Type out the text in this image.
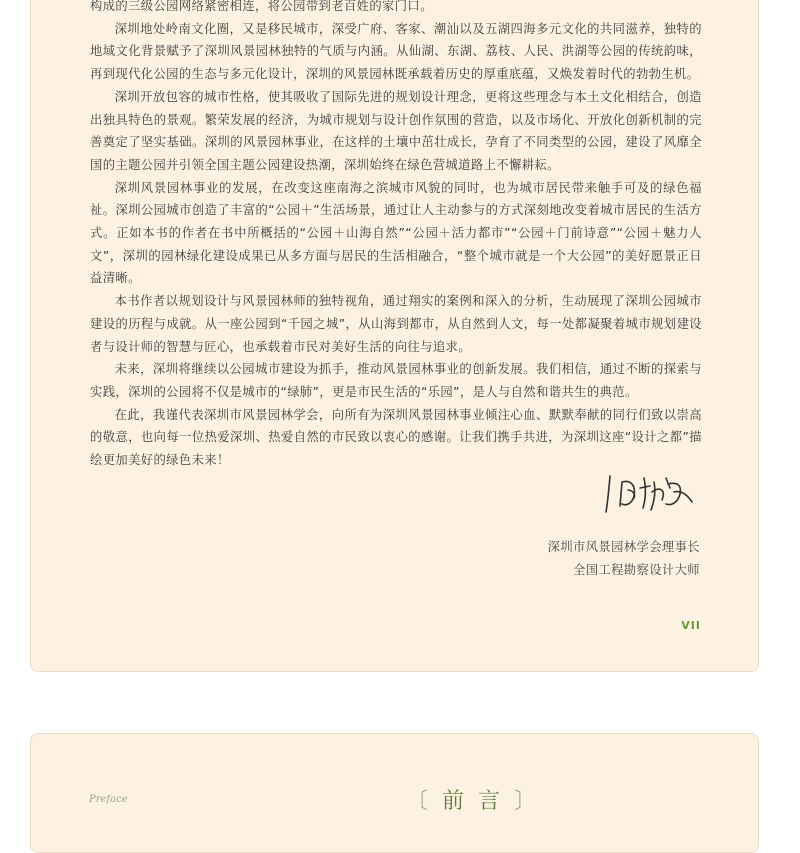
构成的三级公园网络紧密相连，将公园带到老百姓的家门口。

深圳地处岭南文化圈，又是移民城市，深受广府、客家、潮汕以及五湖四海多元文化的共同滋养，独特的地域文化背景赋予了深圳风景园林独特的气质与内涵。从仙湖、东湖、荔枝、人民、洪湖等公园的传统韵味，再到现代化公园的生态与多元化设计，深圳的风景园林既承载着历史的厚重底蕴，又焕发着时代的勃勃生机。

深圳开放包容的城市性格，使其吸收了国际先进的规划设计理念，更将这些理念与本土文化相结合，创造出独具特色的景观。繁荣发展的经济，为城市规划与设计创作氛围的营造，以及市场化、开放化创新机制的完善奠定了坚实基础。深圳的风景园林事业，在这样的土壤中茁壮成长，孕育了不同类型的公园，建设了风靡全国的主题公园并引领全国主题公园建设热潮，深圳始终在绿色营城道路上不懈耕耘。

深圳风景园林事业的发展，在改变这座南海之滨城市风貌的同时，也为城市居民带来触手可及的绿色福祉。深圳公园城市创造了丰富的“公园＋”生活场景，通过让人主动参与的方式深刻地改变着城市居民的生活方式。正如本书的作者在书中所概括的“公园＋山海自然”“公园＋活力都市”“公园＋门前诗意”“公园＋魅力人文”，深圳的园林绿化建设成果已从多方面与居民的生活相融合，“整个城市就是一个大公园”的美好愿景正日益清晰。

本书作者以规划设计与风景园林师的独特视角，通过翔实的案例和深入的分析，生动展现了深圳公园城市建设的历程与成就。从一座公园到“千园之城”，从山海到都市，从自然到人文，每一处都凝聚着城市规划建设者与设计师的智慧与匠心，也承载着市民对美好生活的向往与追求。

未来，深圳将继续以公园城市建设为抓手，推动风景园林事业的创新发展。我们相信，通过不断的探索与实践，深圳的公园将不仅是城市的“绿肺”，更是市民生活的“乐园”，是人与自然和谐共生的典范。

在此，我谨代表深圳市风景园林学会，向所有为深圳风景园林事业倾注心血、默默奉献的同行们致以崇高的敬意，也向每一位热爱深圳、热爱自然的市民致以衷心的感谢。让我们携手共进，为深圳这座“设计之都”描绘更加美好的绿色未来！

深圳市风景园林学会理事长
全国工程勘察设计大师
VII
Preface	〔前言〕
